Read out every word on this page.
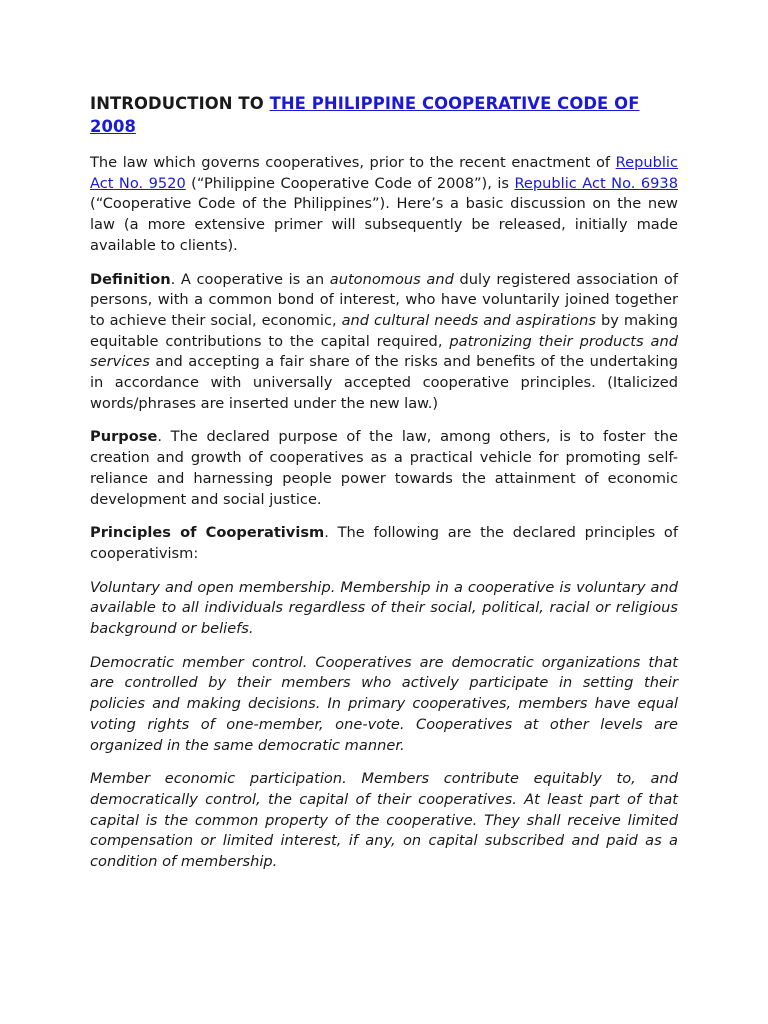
INTRODUCTION TO THE PHILIPPINE COOPERATIVE CODE OF 2008

The law which governs cooperatives, prior to the recent enactment of Republic Act No. 9520 (“Philippine Cooperative Code of 2008”), is Republic Act No. 6938 (“Cooperative Code of the Philippines”). Here’s a basic discussion on the new law (a more extensive primer will subsequently be released, initially made available to clients).

Definition. A cooperative is an autonomous and duly registered association of persons, with a common bond of interest, who have voluntarily joined together to achieve their social, economic, and cultural needs and aspirations by making equitable contributions to the capital required, patronizing their products and services and accepting a fair share of the risks and benefits of the undertaking in accordance with universally accepted cooperative principles. (Italicized words/phrases are inserted under the new law.)

Purpose. The declared purpose of the law, among others, is to foster the creation and growth of cooperatives as a practical vehicle for promoting self-reliance and harnessing people power towards the attainment of economic development and social justice.

Principles of Cooperativism. The following are the declared principles of cooperativism:

Voluntary and open membership. Membership in a cooperative is voluntary and available to all individuals regardless of their social, political, racial or religious background or beliefs.

Democratic member control. Cooperatives are democratic organizations that are controlled by their members who actively participate in setting their policies and making decisions. In primary cooperatives, members have equal voting rights of one-member, one-vote. Cooperatives at other levels are organized in the same democratic manner.

Member economic participation. Members contribute equitably to, and democratically control, the capital of their cooperatives. At least part of that capital is the common property of the cooperative. They shall receive limited compensation or limited interest, if any, on capital subscribed and paid as a condition of membership.
